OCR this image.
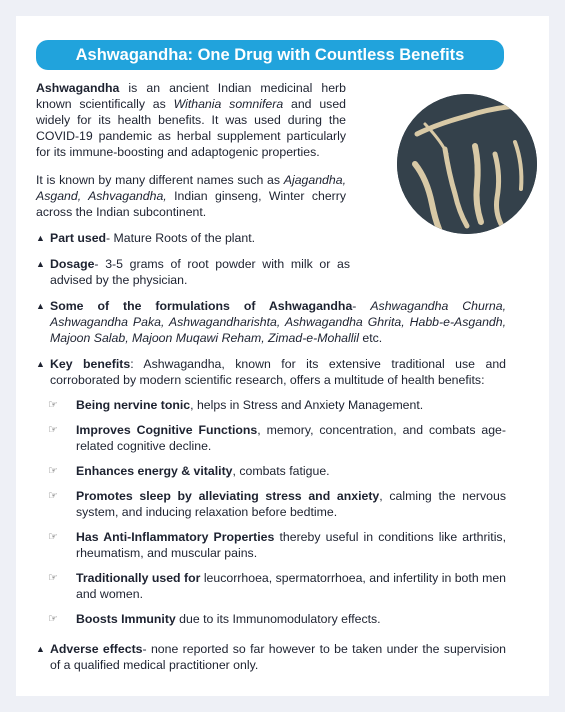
Ashwagandha: One Drug with Countless Benefits

Ashwagandha is an ancient Indian medicinal herb known scientifically as Withania somnifera and used widely for its health benefits. It was used during the COVID-19 pandemic as herbal supplement particularly for its immune-boosting and adaptogenic properties.

It is known by many different names such as Ajagandha, Asgand, Ashvagandha, Indian ginseng, Winter cherry across the Indian subcontinent.

▲ Part used- Mature Roots of the plant.
▲ Dosage- 3-5 grams of root powder with milk or as advised by the physician.
▲ Some of the formulations of Ashwagandha- Ashwagandha Churna, Ashwagandha Paka, Ashwagandharishta, Ashwagandha Ghrita, Habb-e-Asgandh, Majoon Salab, Majoon Muqawi Reham, Zimad-e-Mohallil etc.
▲ Key benefits: Ashwagandha, known for its extensive traditional use and corroborated by modern scientific research, offers a multitude of health benefits:
☞ Being nervine tonic, helps in Stress and Anxiety Management.
☞ Improves Cognitive Functions, memory, concentration, and combats age-related cognitive decline.
☞ Enhances energy & vitality, combats fatigue.
☞ Promotes sleep by alleviating stress and anxiety, calming the nervous system, and inducing relaxation before bedtime.
☞ Has Anti-Inflammatory Properties thereby useful in conditions like arthritis, rheumatism, and muscular pains.
☞ Traditionally used for leucorrhoea, spermatorrhoea, and infertility in both men and women.
☞ Boosts Immunity due to its Immunomodulatory effects.
▲ Adverse effects- none reported so far however to be taken under the supervision of a qualified medical practitioner only.
